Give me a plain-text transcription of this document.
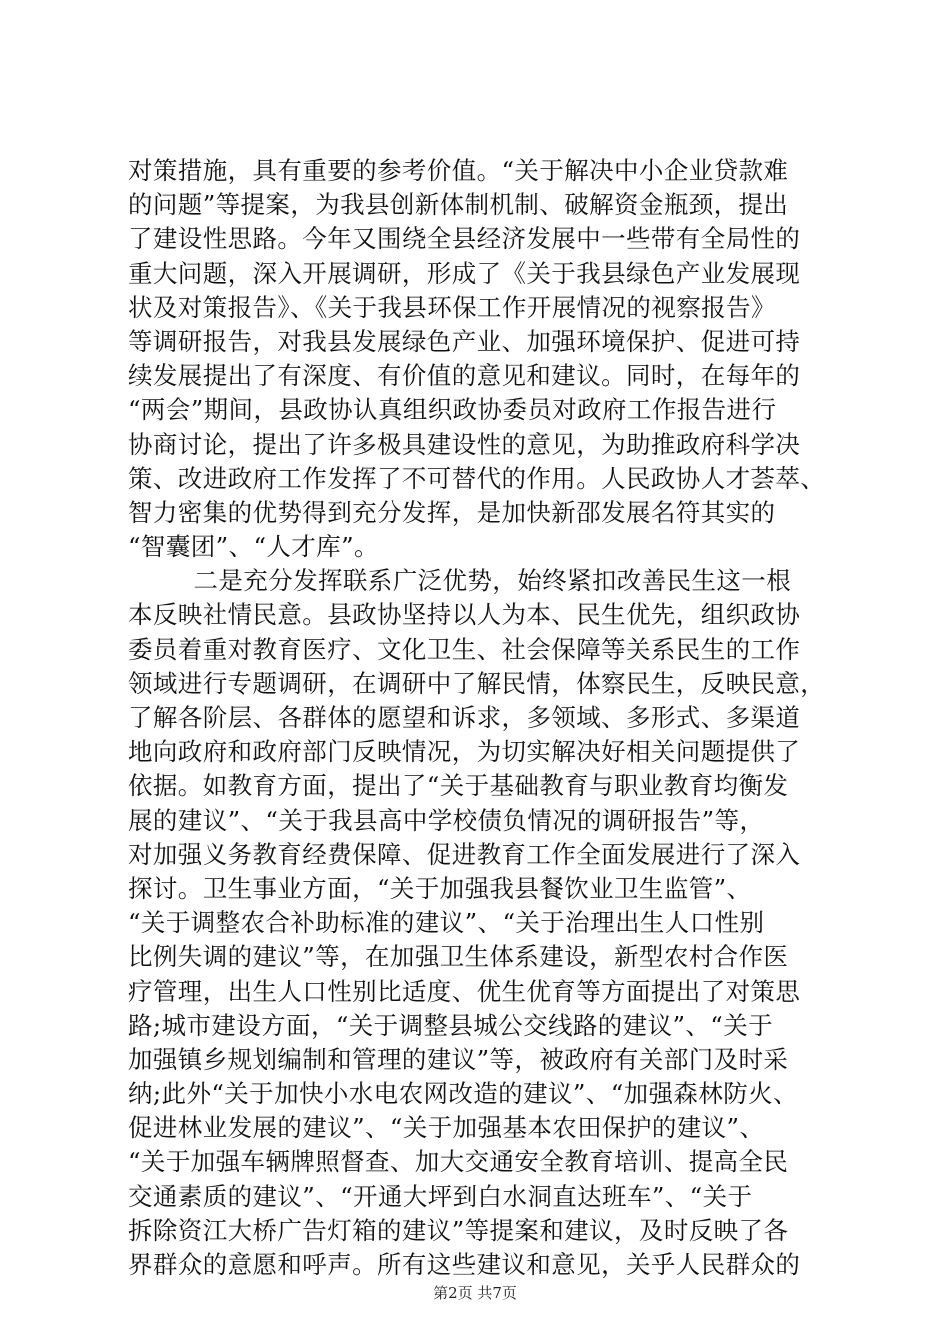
对策措施，具有重要的参考价值。“关于解决中小企业贷款难
的问题”等提案，为我县创新体制机制、破解资金瓶颈，提出
了建设性思路。今年又围绕全县经济发展中一些带有全局性的
重大问题，深入开展调研，形成了《关于我县绿色产业发展现
状及对策报告》、《关于我县环保工作开展情况的视察报告》
等调研报告，对我县发展绿色产业、加强环境保护、促进可持
续发展提出了有深度、有价值的意见和建议。同时，在每年的
“两会”期间，县政协认真组织政协委员对政府工作报告进行
协商讨论，提出了许多极具建设性的意见，为助推政府科学决
策、改进政府工作发挥了不可替代的作用。人民政协人才荟萃、
智力密集的优势得到充分发挥，是加快新邵发展名符其实的
“智囊团”、“人才库”。
二是充分发挥联系广泛优势，始终紧扣改善民生这一根
本反映社情民意。县政协坚持以人为本、民生优先，组织政协
委员着重对教育医疗、文化卫生、社会保障等关系民生的工作
领域进行专题调研，在调研中了解民情，体察民生，反映民意，
了解各阶层、各群体的愿望和诉求，多领域、多形式、多渠道
地向政府和政府部门反映情况，为切实解决好相关问题提供了
依据。如教育方面，提出了“关于基础教育与职业教育均衡发
展的建议”、“关于我县高中学校债负情况的调研报告”等，
对加强义务教育经费保障、促进教育工作全面发展进行了深入
探讨。卫生事业方面，“关于加强我县餐饮业卫生监管”、
“关于调整农合补助标准的建议”、“关于治理出生人口性别
比例失调的建议”等，在加强卫生体系建设，新型农村合作医
疗管理，出生人口性别比适度、优生优育等方面提出了对策思
路;城市建设方面，“关于调整县城公交线路的建议”、“关于
加强镇乡规划编制和管理的建议”等，被政府有关部门及时采
纳;此外“关于加快小水电农网改造的建议”、“加强森林防火、
促进林业发展的建议”、“关于加强基本农田保护的建议”、
“关于加强车辆牌照督查、加大交通安全教育培训、提高全民
交通素质的建议”、“开通大坪到白水洞直达班车”、“关于
拆除资江大桥广告灯箱的建议”等提案和建议，及时反映了各
界群众的意愿和呼声。所有这些建议和意见，关乎人民群众的
第2页 共7页
